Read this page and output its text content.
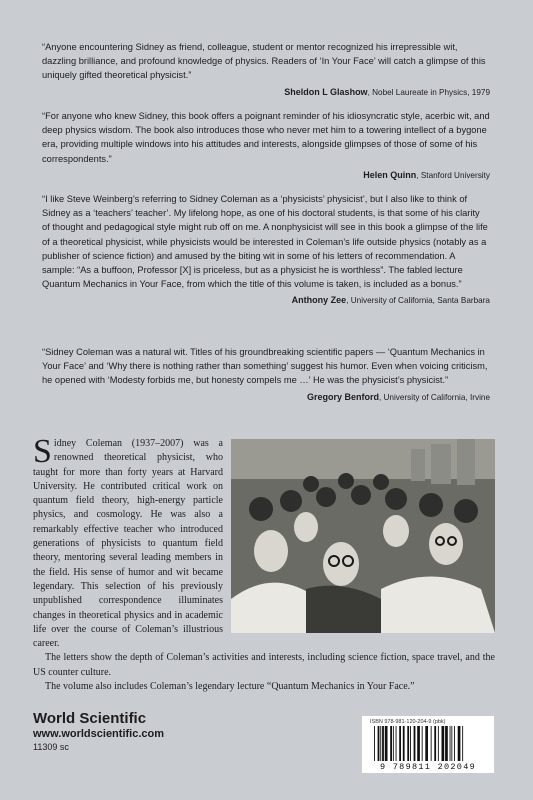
“Anyone encountering Sidney as friend, colleague, student or mentor recognized his irrepressible wit, dazzling brilliance, and profound knowledge of physics. Readers of ‘In Your Face’ will catch a glimpse of this uniquely gifted theoretical physicist.”

Sheldon L Glashow, Nobel Laureate in Physics, 1979

“For anyone who knew Sidney, this book offers a poignant reminder of his idiosyncratic style, acerbic wit, and deep physics wisdom. The book also introduces those who never met him to a towering intellect of a bygone era, providing multiple windows into his attitudes and interests, alongside glimpses of those of some of his correspondents.”

Helen Quinn, Stanford University

“I like Steve Weinberg’s referring to Sidney Coleman as a ‘physicists’ physicist’, but I also like to think of Sidney as a ‘teachers’ teacher’. My lifelong hope, as one of his doctoral students, is that some of his clarity of thought and pedagogical style might rub off on me. A nonphysicist will see in this book a glimpse of the life of a theoretical physicist, while physicists would be interested in Coleman’s life outside physics (notably as a publisher of science fiction) and amused by the biting wit in some of his letters of recommendation. A sample: “As a buffoon, Professor [X] is priceless, but as a physicist he is worthless”. The fabled lecture Quantum Mechanics in Your Face, from which the title of this volume is taken, is included as a bonus.”

Anthony Zee, University of California, Santa Barbara

“Sidney Coleman was a natural wit. Titles of his groundbreaking scientific papers — ‘Quantum Mechanics in Your Face’ and ‘Why there is nothing rather than something’ suggest his humor. Even when voicing criticism, he opened with ‘Modesty forbids me, but honesty compels me …’ He was the physicist’s physicist.”

Gregory Benford, University of California, Irvine

Sidney Coleman (1937–2007) was a renowned theoretical physicist, who taught for more than forty years at Harvard University. He contributed critical work on quantum field theory, high-energy particle physics, and cosmology. He was also a remarkably effective teacher who introduced generations of physicists to quantum field theory, mentoring several leading members in the field. His sense of humor and wit became legendary. This selection of his previously unpublished correspondence illuminates changes in theoretical physics and in academic life over the course of Coleman’s illustrious career.

The letters show the depth of Coleman’s activities and interests, including science fiction, space travel, and the US counter culture.

The volume also includes Coleman’s legendary lecture “Quantum Mechanics in Your Face.”

World Scientific
www.worldscientific.com
11309 sc
ISBN 978-981-120-204-9 (pbk)
9 789811 202049
